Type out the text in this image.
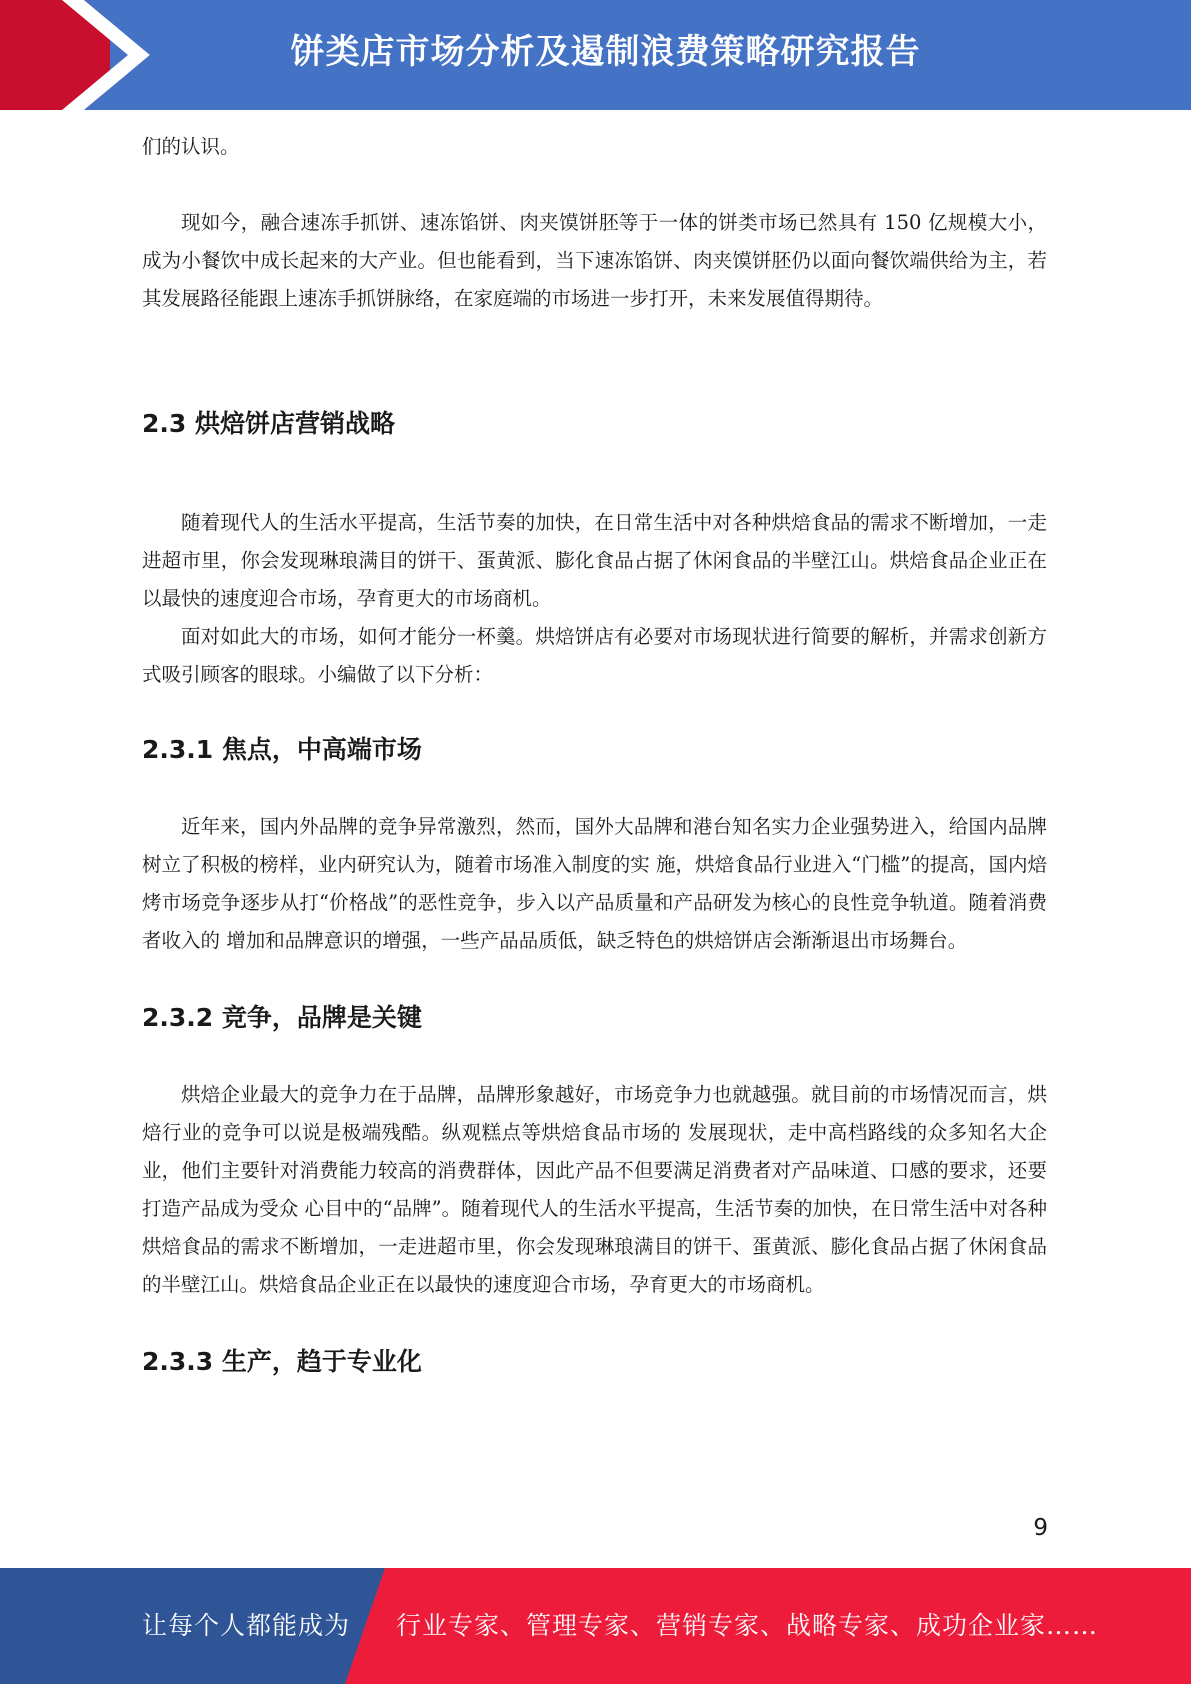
饼类店市场分析及遏制浪费策略研究报告

们的认识。

现如今，融合速冻手抓饼、速冻馅饼、肉夹馍饼胚等于一体的饼类市场已然具有 150 亿规模大小，成为小餐饮中成长起来的大产业。但也能看到，当下速冻馅饼、肉夹馍饼胚仍以面向餐饮端供给为主，若其发展路径能跟上速冻手抓饼脉络，在家庭端的市场进一步打开，未来发展值得期待。

2.3 烘焙饼店营销战略

随着现代人的生活水平提高，生活节奏的加快，在日常生活中对各种烘焙食品的需求不断增加，一走进超市里，你会发现琳琅满目的饼干、蛋黄派、膨化食品占据了休闲食品的半壁江山。烘焙食品企业正在以最快的速度迎合市场，孕育更大的市场商机。

面对如此大的市场，如何才能分一杯羹。烘焙饼店有必要对市场现状进行简要的解析，并需求创新方式吸引顾客的眼球。小编做了以下分析：

2.3.1 焦点，中高端市场

近年来，国内外品牌的竞争异常激烈，然而，国外大品牌和港台知名实力企业强势进入，给国内品牌树立了积极的榜样，业内研究认为，随着市场准入制度的实 施，烘焙食品行业进入“门槛”的提高，国内焙烤市场竞争逐步从打“价格战”的恶性竞争，步入以产品质量和产品研发为核心的良性竞争轨道。随着消费者收入的 增加和品牌意识的增强，一些产品品质低，缺乏特色的烘焙饼店会渐渐退出市场舞台。

2.3.2 竞争，品牌是关键

烘焙企业最大的竞争力在于品牌，品牌形象越好，市场竞争力也就越强。就目前的市场情况而言，烘焙行业的竞争可以说是极端残酷。纵观糕点等烘焙食品市场的 发展现状，走中高档路线的众多知名大企业，他们主要针对消费能力较高的消费群体，因此产品不但要满足消费者对产品味道、口感的要求，还要打造产品成为受众 心目中的“品牌”。随着现代人的生活水平提高，生活节奏的加快，在日常生活中对各种烘焙食品的需求不断增加，一走进超市里，你会发现琳琅满目的饼干、蛋黄派、膨化食品占据了休闲食品的半壁江山。烘焙食品企业正在以最快的速度迎合市场，孕育更大的市场商机。

2.3.3 生产，趋于专业化
9
让每个人都能成为 行业专家、管理专家、营销专家、战略专家、成功企业家……
